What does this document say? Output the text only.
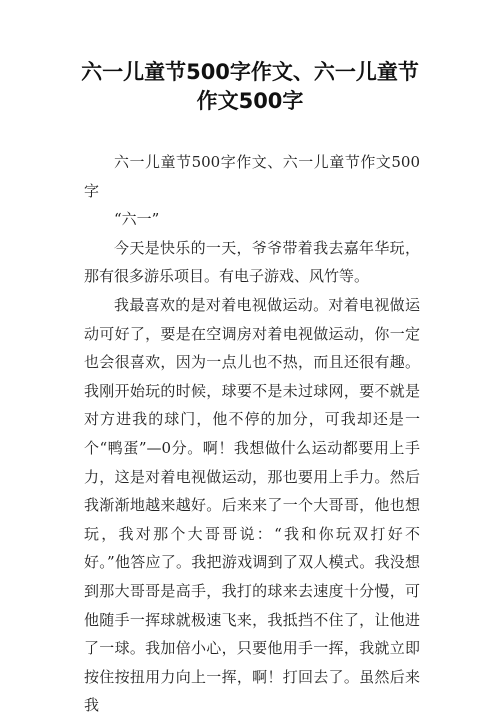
六一儿童节500字作文、六一儿童节
作文500字

六一儿童节500字作文、六一儿童节作文500字

“六一”

今天是快乐的一天，爷爷带着我去嘉年华玩，那有很多游乐项目。有电子游戏、风竹等。

我最喜欢的是对着电视做运动。对着电视做运动可好了，要是在空调房对着电视做运动，你一定也会很喜欢，因为一点儿也不热，而且还很有趣。我刚开始玩的时候，球要不是未过球网，要不就是对方进我的球门，他不停的加分，可我却还是一个“鸭蛋”—0分。啊！我想做什么运动都要用上手力，这是对着电视做运动，那也要用上手力。然后我渐渐地越来越好。后来来了一个大哥哥，他也想玩，我对那个大哥哥说：“我和你玩双打好不好。”他答应了。我把游戏调到了双人模式。我没想到那大哥哥是高手，我打的球来去速度十分慢，可他随手一挥球就极速飞来，我抵挡不住了，让他进了一球。我加倍小心，只要他用手一挥，我就立即按住按扭用力向上一挥，啊！打回去了。虽然后来我
